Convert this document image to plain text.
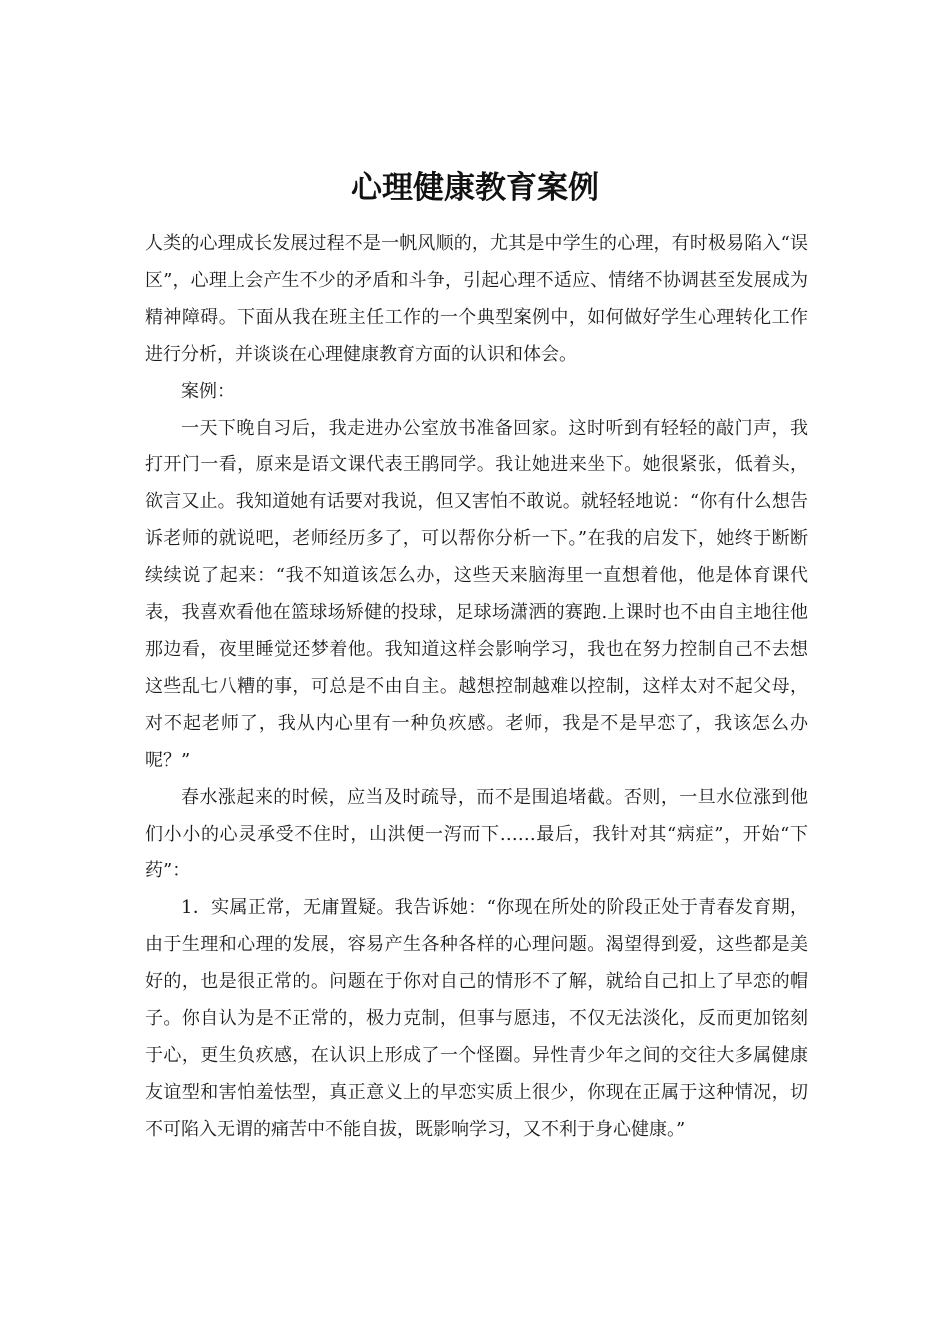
心理健康教育案例

人类的心理成长发展过程不是一帆风顺的，尤其是中学生的心理，有时极易陷入“误区”，心理上会产生不少的矛盾和斗争，引起心理不适应、情绪不协调甚至发展成为精神障碍。下面从我在班主任工作的一个典型案例中，如何做好学生心理转化工作进行分析，并谈谈在心理健康教育方面的认识和体会。

案例：

一天下晚自习后，我走进办公室放书准备回家。这时听到有轻轻的敲门声，我打开门一看，原来是语文课代表王鹃同学。我让她进来坐下。她很紧张，低着头，欲言又止。我知道她有话要对我说，但又害怕不敢说。就轻轻地说：“你有什么想告诉老师的就说吧，老师经历多了，可以帮你分析一下。”在我的启发下，她终于断断续续说了起来：“我不知道该怎么办，这些天来脑海里一直想着他，他是体育课代表，我喜欢看他在篮球场矫健的投球，足球场潇洒的赛跑.上课时也不由自主地往他那边看，夜里睡觉还梦着他。我知道这样会影响学习，我也在努力控制自己不去想这些乱七八糟的事，可总是不由自主。越想控制越难以控制，这样太对不起父母，对不起老师了，我从内心里有一种负疚感。老师，我是不是早恋了，我该怎么办呢？”

春水涨起来的时候，应当及时疏导，而不是围追堵截。否则，一旦水位涨到他们小小的心灵承受不住时，山洪便一泻而下……最后，我针对其“病症”，开始“下药”：

1．实属正常，无庸置疑。我告诉她：“你现在所处的阶段正处于青春发育期，由于生理和心理的发展，容易产生各种各样的心理问题。渴望得到爱，这些都是美好的，也是很正常的。问题在于你对自己的情形不了解，就给自己扣上了早恋的帽子。你自认为是不正常的，极力克制，但事与愿违，不仅无法淡化，反而更加铭刻于心，更生负疚感，在认识上形成了一个怪圈。异性青少年之间的交往大多属健康友谊型和害怕羞怯型，真正意义上的早恋实质上很少，你现在正属于这种情况，切不可陷入无谓的痛苦中不能自拔，既影响学习，又不利于身心健康。”
